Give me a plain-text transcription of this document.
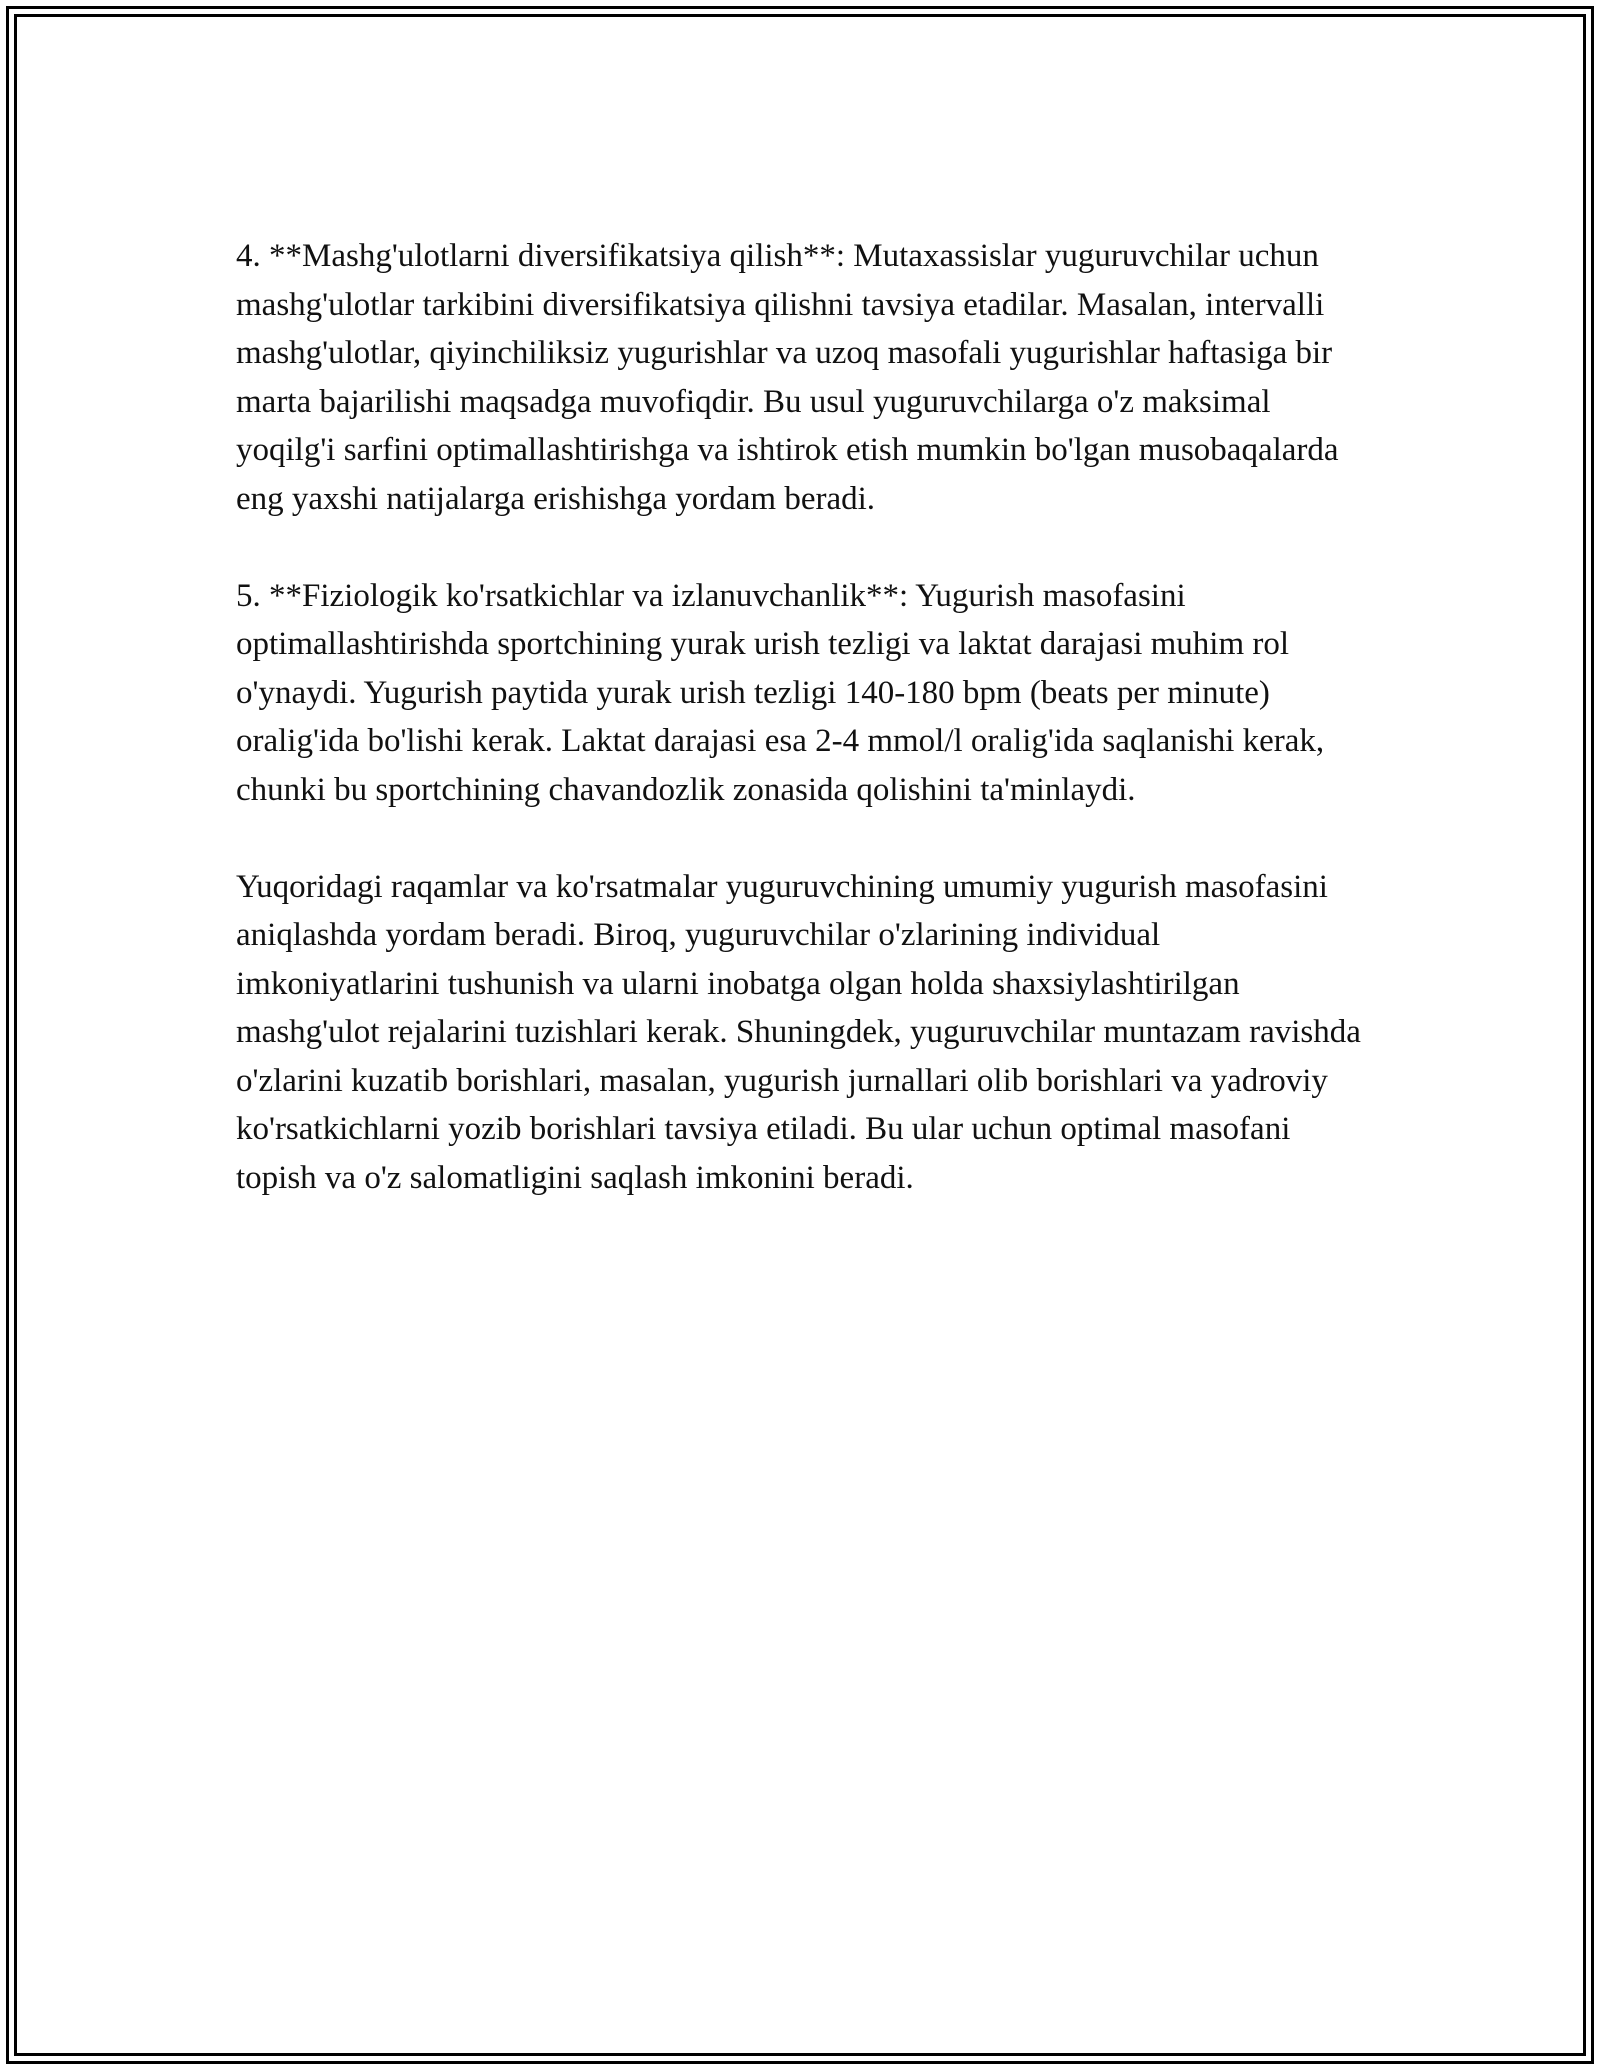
4. **Mashg'ulotlarni diversifikatsiya qilish**: Mutaxassislar yuguruvchilar uchun mashg'ulotlar tarkibini diversifikatsiya qilishni tavsiya etadilar. Masalan, intervalli mashg'ulotlar, qiyinchiliksiz yugurishlar va uzoq masofali yugurishlar haftasiga bir marta bajarilishi maqsadga muvofiqdir. Bu usul yuguruvchilarga o'z maksimal yoqilg'i sarfini optimallashtirishga va ishtirok etish mumkin bo'lgan musobaqalarda eng yaxshi natijalarga erishishga yordam beradi.

5. **Fiziologik ko'rsatkichlar va izlanuvchanlik**: Yugurish masofasini optimallashtirishda sportchining yurak urish tezligi va laktat darajasi muhim rol o'ynaydi. Yugurish paytida yurak urish tezligi 140-180 bpm (beats per minute) oralig'ida bo'lishi kerak. Laktat darajasi esa 2-4 mmol/l oralig'ida saqlanishi kerak, chunki bu sportchining chavandozlik zonasida qolishini ta'minlaydi.

Yuqoridagi raqamlar va ko'rsatmalar yuguruvchining umumiy yugurish masofasini aniqlashda yordam beradi. Biroq, yuguruvchilar o'zlarining individual imkoniyatlarini tushunish va ularni inobatga olgan holda shaxsiylashtirilgan mashg'ulot rejalarini tuzishlari kerak. Shuningdek, yuguruvchilar muntazam ravishda o'zlarini kuzatib borishlari, masalan, yugurish jurnallari olib borishlari va yadroviy ko'rsatkichlarni yozib borishlari tavsiya etiladi. Bu ular uchun optimal masofani topish va o'z salomatligini saqlash imkonini beradi.
